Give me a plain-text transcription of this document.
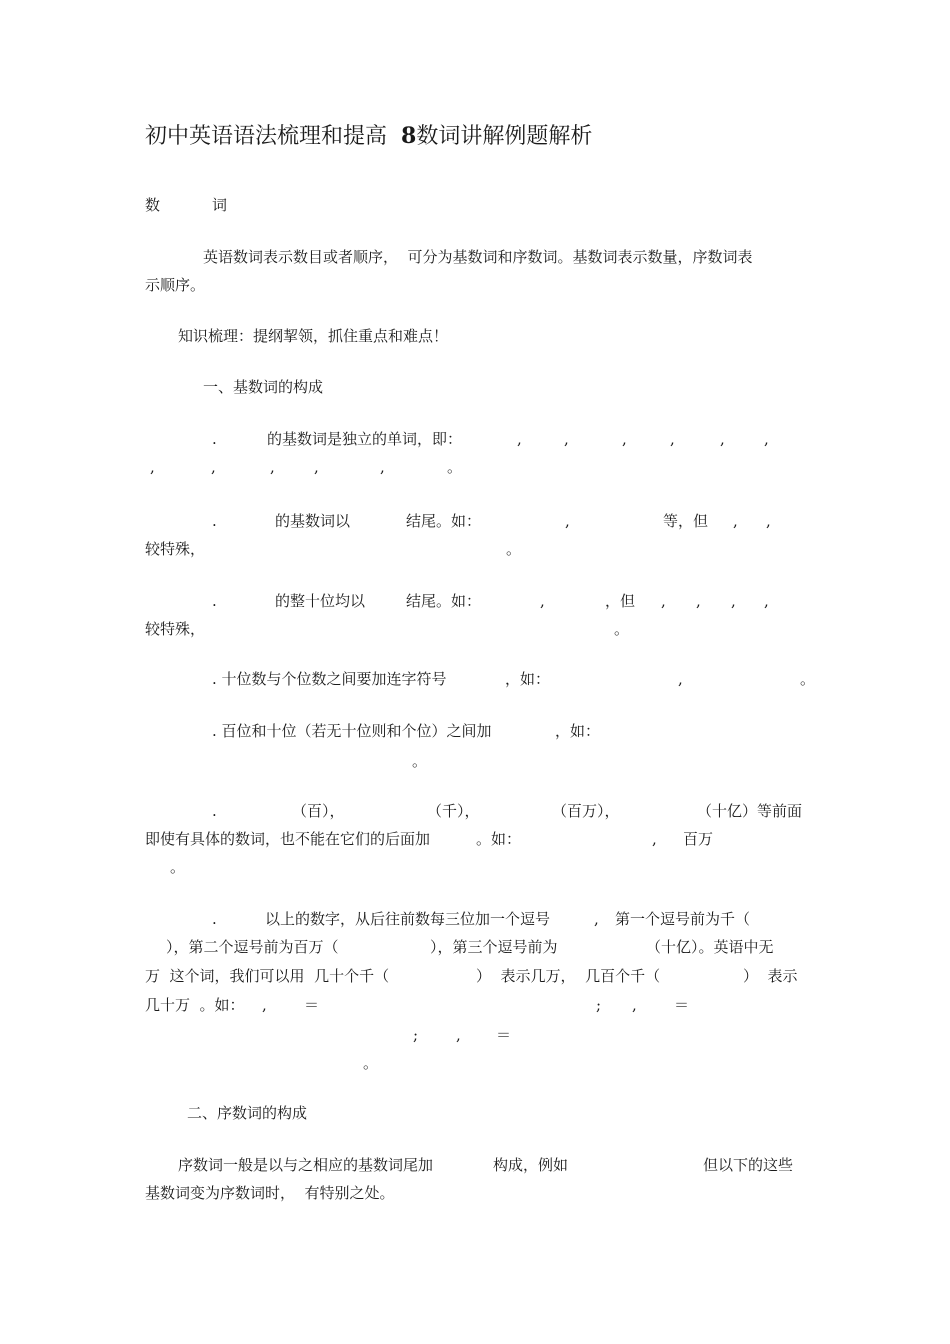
初中英语语法梳理和提高 8数词讲解例题解析
数	词
英语数词表示数目或者顺序，  可分为基数词和序数词。基数词表示数量，序数词表
示顺序。
知识梳理：提纲挈领，抓住重点和难点！
一、基数词的构成
.	的基数词是独立的单词，即：	,	,	,	,	,	,
,	,	,	,	,	。
.	的基数词以	结尾。如：	,	等，但 , ,
较特殊，	。
.	的整十位均以	结尾。如：	,	，但 , , , ,
较特殊，	。
. 十位数与个位数之间要加连字符号	，如：	,	。
. 百位和十位（若无十位则和个位）之间加	，如：
。
.	（百），	（千），	（百万），	（十亿）等前面
即使有具体的数词，也不能在它们的后面加	。如：	, 百万
。
.	以上的数字，从后往前数每三位加一个逗号	, 第一个逗号前为千（
），第二个逗号前为百万（	），第三个逗号前为	（十亿）。英语中无
万  这个词，我们可以用  几十个千（	）  表示几万，  几百个千（	）  表示
几十万  。如： , ＝	; , ＝
;	, ＝
。
二、序数词的构成
序数词一般是以与之相应的基数词尾加	构成，例如	但以下的这些
基数词变为序数词时，  有特别之处。
